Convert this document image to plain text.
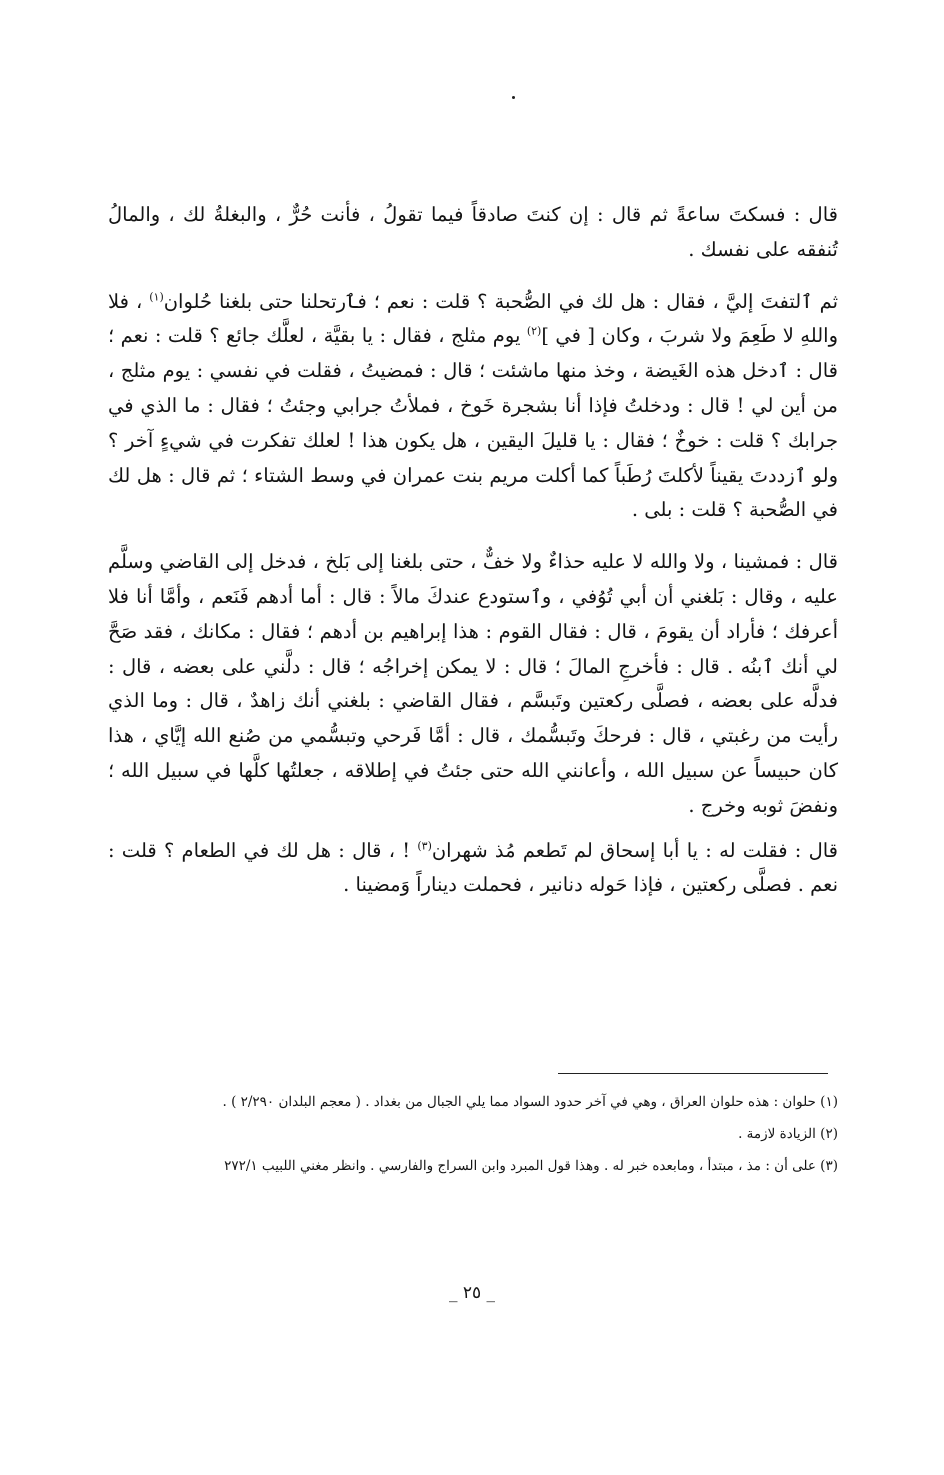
قال : فسكتَ ساعةً ثم قال : إن كنتَ صادقاً فيما تقولُ ، فأنت حُرٌّ ، والبغلةُ لك ، والمالُ تُنفقه على نفسك .

ثم ٱلتفتَ إليَّ ، فقال : هل لك في الصُّحبة ؟ قلت : نعم ؛ فٱرتحلنا حتى بلغنا حُلوان$^{(١)}$ ، فلا واللهِ لا طَعِمَ ولا شربَ ، وكان [ في ]$^{(٢)}$ يوم مثلج ، فقال : يا بقيَّة ، لعلَّك جائع ؟ قلت : نعم ؛ قال : ٱدخل هذه الغَيضة ، وخذ منها ماشئت ؛ قال : فمضيتُ ، فقلت في نفسي : يوم مثلج ، من أين لي ! قال : ودخلتُ فإذا أنا بشجرة خَوخ ، فملأتُ جرابي وجئتُ ؛ فقال : ما الذي في جرابك ؟ قلت : خوخٌ ؛ فقال : يا قليلَ اليقين ، هل يكون هذا ! لعلك تفكرت في شيءٍ آخر ؟ ولو ٱزددتَ يقيناً لأكلتَ رُطَباً كما أكلت مريم بنت عمران في وسط الشتاء ؛ ثم قال : هل لك في الصُّحبة ؟ قلت : بلى .

قال : فمشينا ، ولا والله لا عليه حذاءٌ ولا خفٌّ ، حتى بلغنا إلى بَلخ ، فدخل إلى القاضي وسلَّم عليه ، وقال : بَلغني أن أبي تُوُفي ، وٱستودع عندكَ مالاً : قال : أما أدهم فَنَعم ، وأمَّا أنا فلا أعرفك ؛ فأراد أن يقومَ ، قال : فقال القوم : هذا إبراهيم بن أدهم ؛ فقال : مكانك ، فقد صَحَّ لي أنك ٱبنُه . قال : فأخرجِ المالَ ؛ قال : لا يمكن إخراجُه ؛ قال : دلَّني على بعضه ، قال : فدلَّه على بعضه ، فصلَّى ركعتين وتَبسَّم ، فقال القاضي : بلغني أنك زاهدٌ ، قال : وما الذي رأيت من رغبتي ، قال : فرحكَ وتَبسُّمك ، قال : أمَّا فَرحي وتبسُّمي من صُنع الله إيَّاي ، هذا كان حبيساً عن سبيل الله ، وأعانني الله حتى جئتُ في إطلاقه ، جعلتُها كلَّها في سبيل الله ؛ ونفضَ ثوبه وخرج .

قال : فقلت له : يا أبا إسحاق لم تَطعم مُذ شهران$^{(٣)}$ ! ، قال : هل لك في الطعام ؟ قلت : نعم . فصلَّى ركعتين ، فإذا حَوله دنانير ، فحملت ديناراً وَمضينا .

(١) حلوان : هذه حلوان العراق ، وهي في آخر حدود السواد مما يلي الجبال من بغداد . ( معجم البلدان ٢/٢٩٠ ) .

(٢) الزيادة لازمة .

(٣) على أن : مذ ، مبتدأ ، ومابعده خبر له . وهذا قول المبرد وابن السراج والفارسي . وانظر مغني اللبيب ٢٧٢/١

_ ٢٥ _
